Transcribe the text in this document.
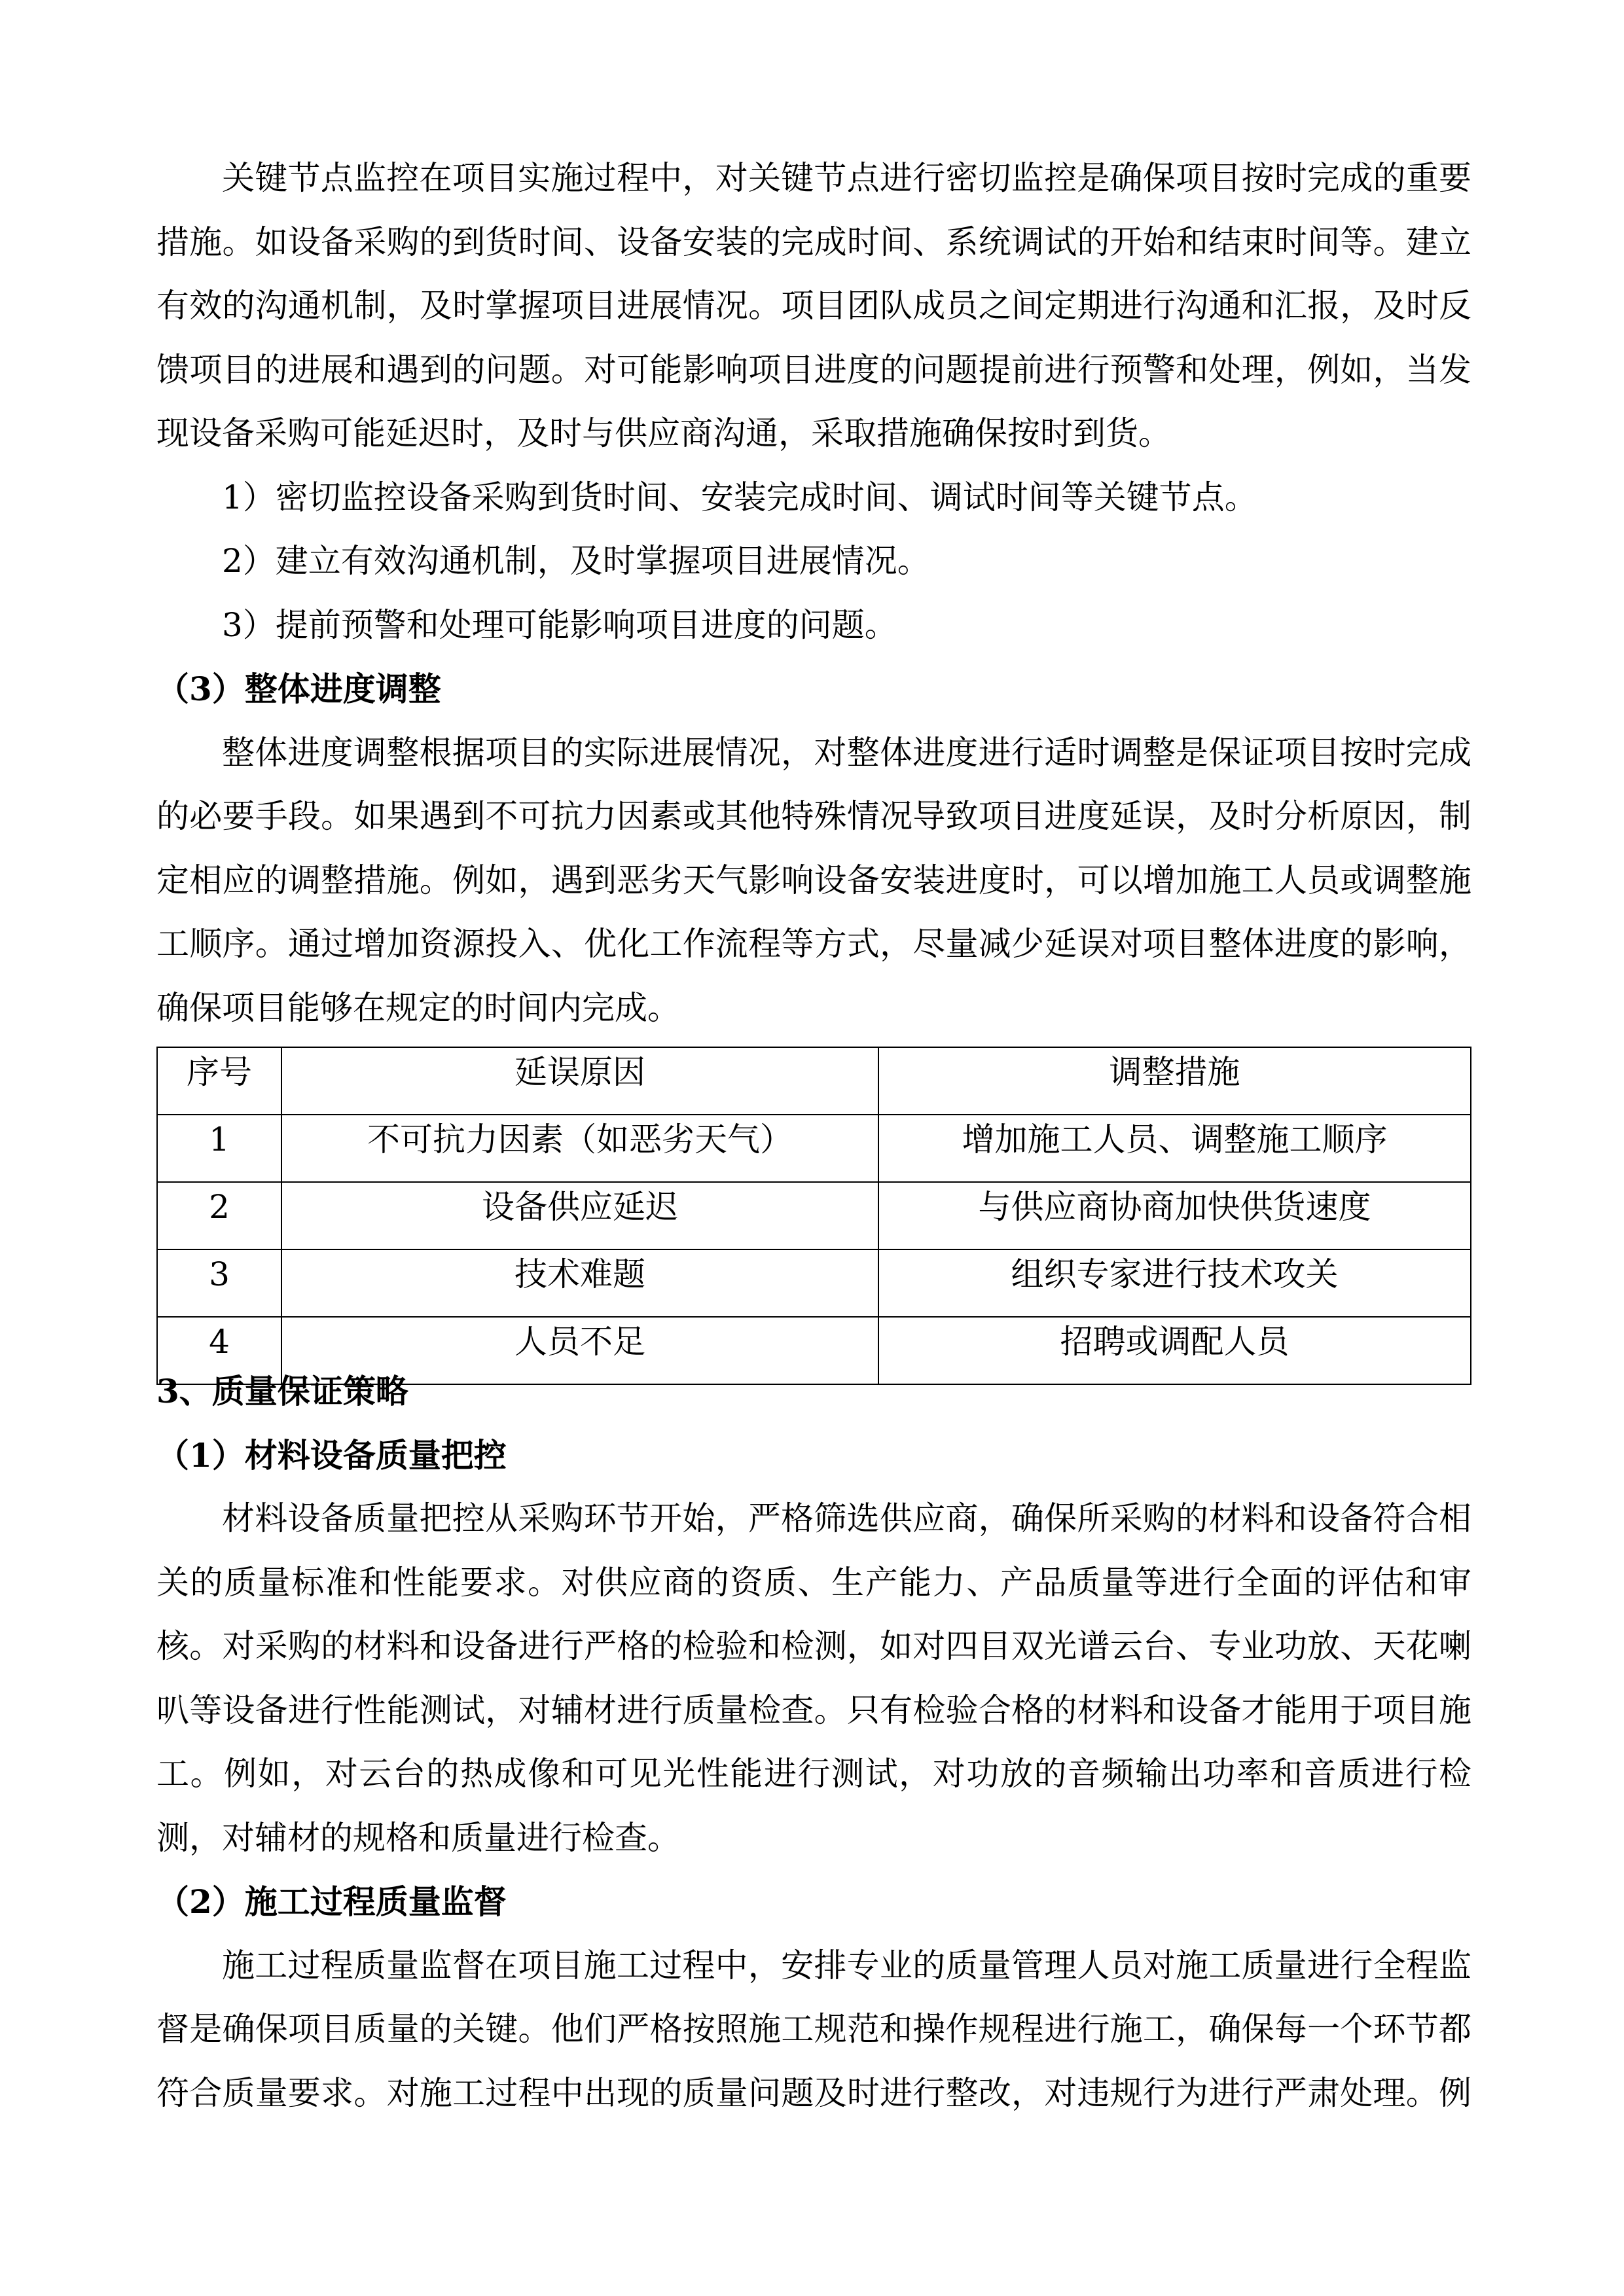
关键节点监控在项目实施过程中，对关键节点进行密切监控是确保项目按时完成的重要
措施。如设备采购的到货时间、设备安装的完成时间、系统调试的开始和结束时间等。建立
有效的沟通机制，及时掌握项目进展情况。项目团队成员之间定期进行沟通和汇报，及时反
馈项目的进展和遇到的问题。对可能影响项目进度的问题提前进行预警和处理，例如，当发
现设备采购可能延迟时，及时与供应商沟通，采取措施确保按时到货。
1）密切监控设备采购到货时间、安装完成时间、调试时间等关键节点。
2）建立有效沟通机制，及时掌握项目进展情况。
3）提前预警和处理可能影响项目进度的问题。
（3）整体进度调整
整体进度调整根据项目的实际进展情况，对整体进度进行适时调整是保证项目按时完成
的必要手段。如果遇到不可抗力因素或其他特殊情况导致项目进度延误，及时分析原因，制
定相应的调整措施。例如，遇到恶劣天气影响设备安装进度时，可以增加施工人员或调整施
工顺序。通过增加资源投入、优化工作流程等方式，尽量减少延误对项目整体进度的影响，
确保项目能够在规定的时间内完成。
序号	延误原因	调整措施
1	不可抗力因素（如恶劣天气）	增加施工人员、调整施工顺序
2	设备供应延迟	与供应商协商加快供货速度
3	技术难题	组织专家进行技术攻关
4	人员不足	招聘或调配人员
3、质量保证策略
（1）材料设备质量把控
材料设备质量把控从采购环节开始，严格筛选供应商，确保所采购的材料和设备符合相
关的质量标准和性能要求。对供应商的资质、生产能力、产品质量等进行全面的评估和审
核。对采购的材料和设备进行严格的检验和检测，如对四目双光谱云台、专业功放、天花喇
叭等设备进行性能测试，对辅材进行质量检查。只有检验合格的材料和设备才能用于项目施
工。例如，对云台的热成像和可见光性能进行测试，对功放的音频输出功率和音质进行检
测，对辅材的规格和质量进行检查。
（2）施工过程质量监督
施工过程质量监督在项目施工过程中，安排专业的质量管理人员对施工质量进行全程监
督是确保项目质量的关键。他们严格按照施工规范和操作规程进行施工，确保每一个环节都
符合质量要求。对施工过程中出现的质量问题及时进行整改，对违规行为进行严肃处理。例
